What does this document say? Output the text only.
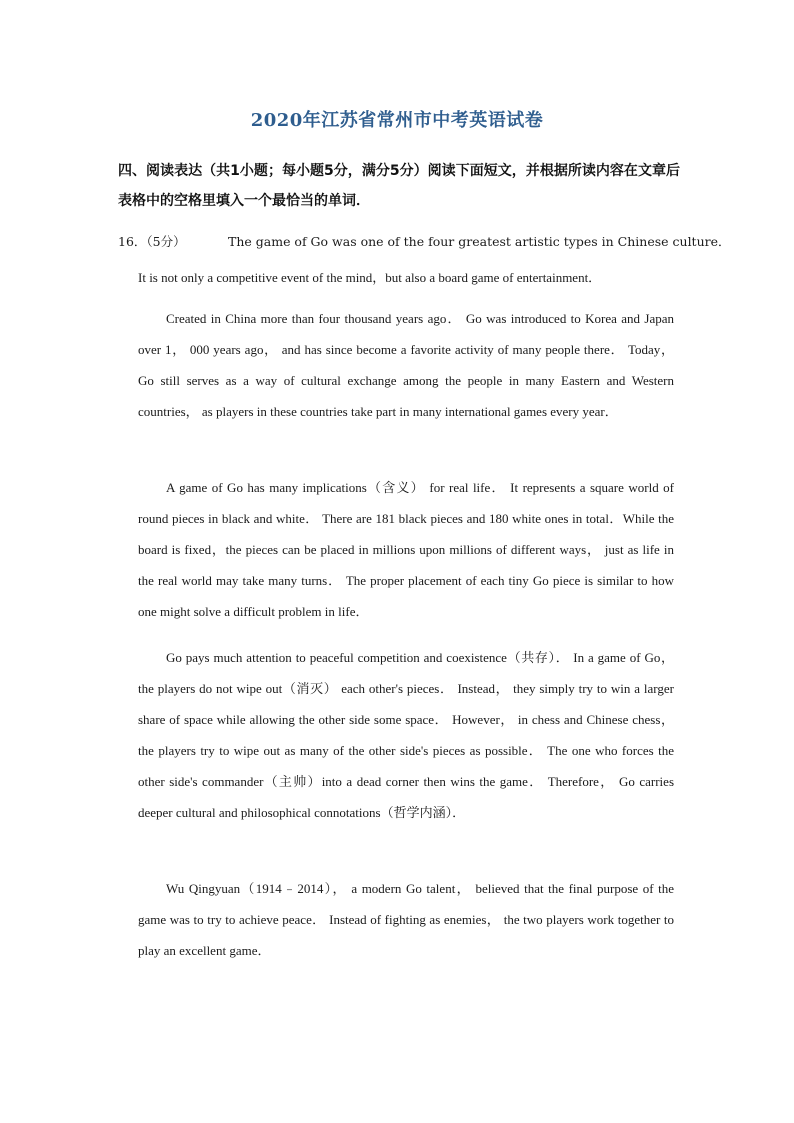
2020年江苏省常州市中考英语试卷
四、阅读表达（共1小题；每小题5分，满分5分）阅读下面短文，并根据所读内容在文章后表格中的空格里填入一个最恰当的单词．
16．（5分）	The game of Go was one of the four greatest artistic types in Chinese culture．
It is not only a competitive event of the mind，but also a board game of entertainment．
Created in China more than four thousand years ago． Go was introduced to Korea and Japan over 1， 000 years ago， and has since become a favorite activity of many people there． Today， Go still serves as a way of cultural exchange among the people in many Eastern and Western countries， as players in these countries take part in many international games every year．
A game of Go has many implications（含义） for real life． It represents a square world of round pieces in black and white． There are 181 black pieces and 180 white ones in total．While the board is fixed，the pieces can be placed in millions upon millions of different ways， just as life in the real world may take many turns． The proper placement of each tiny Go piece is similar to how one might solve a difficult problem in life．
Go pays much attention to peaceful competition and coexistence（共存）． In a game of Go， the players do not wipe out（消灭） each other's pieces． Instead， they simply try to win a larger share of space while allowing the other side some space． However， in chess and Chinese chess， the players try to wipe out as many of the other side's pieces as possible． The one who forces the other side's commander（主帅）into a dead corner then wins the game． Therefore， Go carries deeper cultural and philosophical connotations（哲学内涵）．
Wu Qingyuan（1914﹣2014）， a modern Go talent， believed that the final purpose of the game was to try to achieve peace． Instead of fighting as enemies， the two players work together to play an excellent game．
